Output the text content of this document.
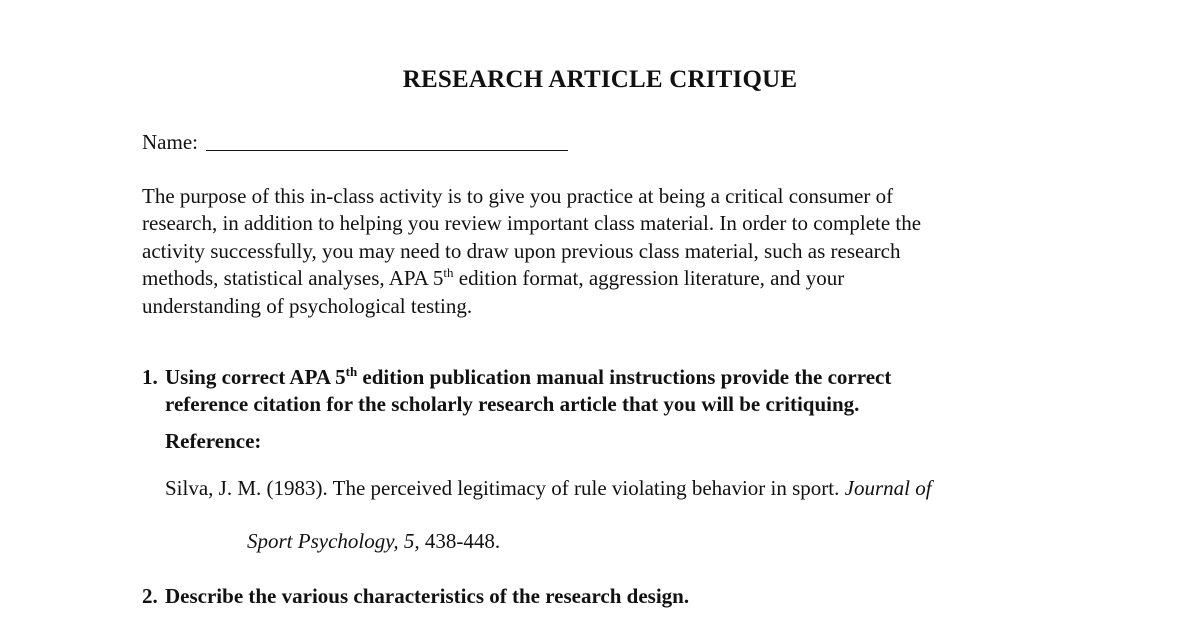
RESEARCH ARTICLE CRITIQUE
Name:
The purpose of this in-class activity is to give you practice at being a critical consumer of
research, in addition to helping you review important class material. In order to complete the
activity successfully, you may need to draw upon previous class material, such as research
methods, statistical analyses, APA 5th edition format, aggression literature, and your
understanding of psychological testing.
1. Using correct APA 5th edition publication manual instructions provide the correct
reference citation for the scholarly research article that you will be critiquing.
Reference:
Silva, J. M. (1983). The perceived legitimacy of rule violating behavior in sport. Journal of
Sport Psychology, 5, 438-448.
2. Describe the various characteristics of the research design.
